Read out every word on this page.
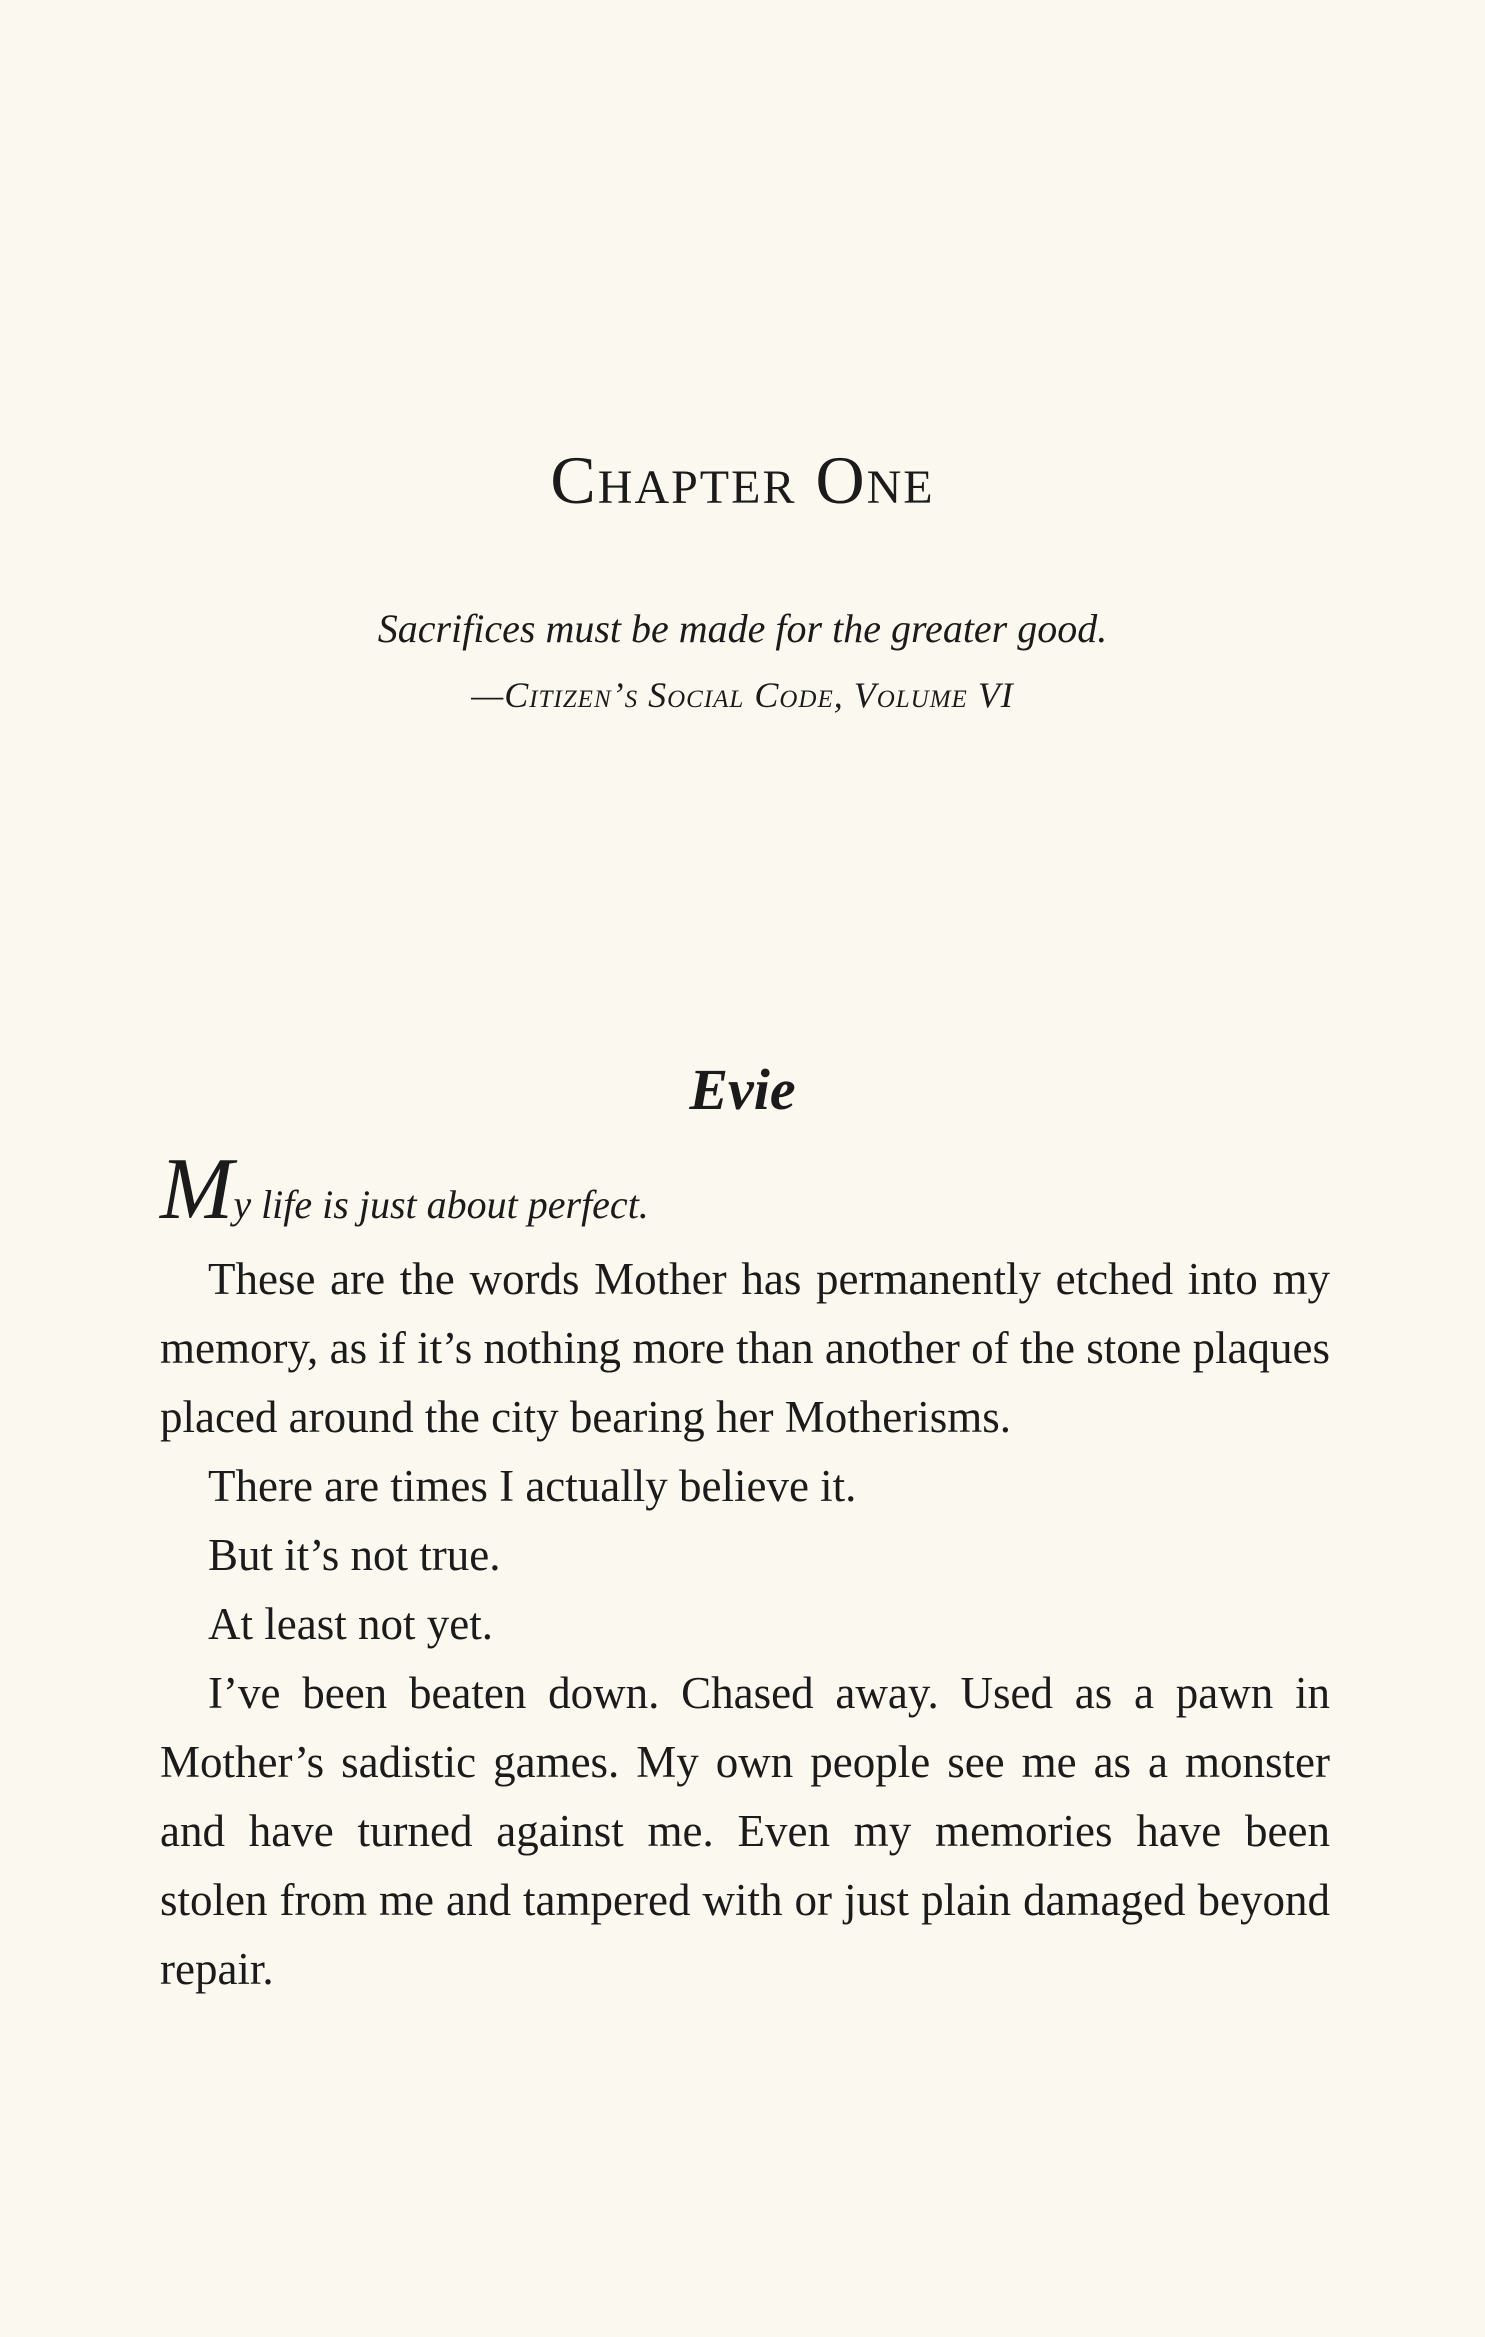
Chapter One

Sacrifices must be made for the greater good.

—Citizen’s Social Code, Volume VI

Evie

My life is just about perfect.

These are the words Mother has permanently etched into my memory, as if it’s nothing more than another of the stone plaques placed around the city bearing her Motherisms.

There are times I actually believe it.

But it’s not true.

At least not yet.

I’ve been beaten down. Chased away. Used as a pawn in Mother’s sadistic games. My own people see me as a monster and have turned against me. Even my memories have been stolen from me and tampered with or just plain damaged beyond repair.
